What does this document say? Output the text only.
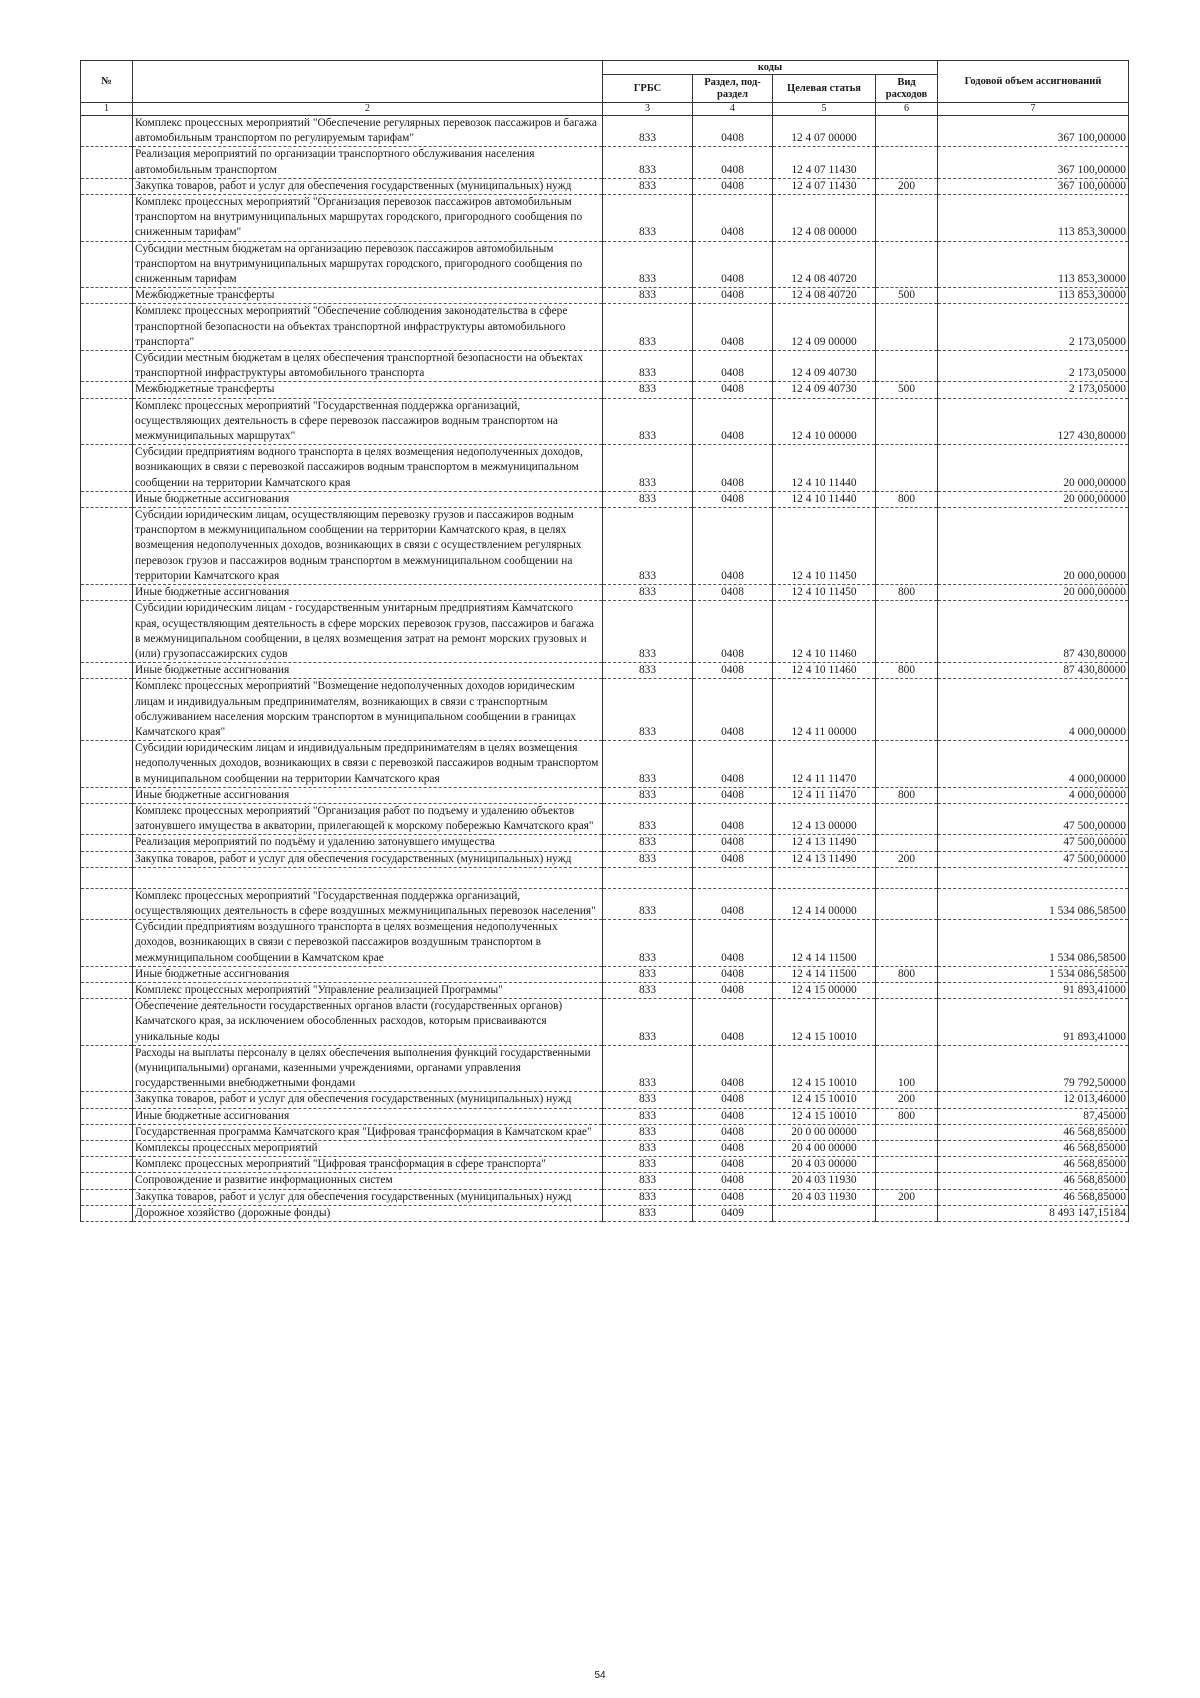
№		коды				Годовой объем ассигнований
		ГРБС	Раздел, под-раздел	Целевая статья	Вид расходов	
1	2	3	4	5	6	7
	Комплекс процессных мероприятий "Обеспечение регулярных перевозок пассажиров и багажа автомобильным транспортом по регулируемым тарифам"	833	0408	12 4 07 00000		367 100,00000
	Реализация мероприятий по организации транспортного обслуживания населения автомобильным транспортом	833	0408	12 4 07 11430		367 100,00000
	Закупка товаров, работ и услуг для обеспечения государственных (муниципальных) нужд	833	0408	12 4 07 11430	200	367 100,00000
	Комплекс процессных мероприятий "Организация перевозок пассажиров автомобильным транспортом на внутримуниципальных маршрутах городского, пригородного сообщения по сниженным тарифам"	833	0408	12 4 08 00000		113 853,30000
	Субсидии местным бюджетам на организацию перевозок пассажиров автомобильным транспортом на внутримуниципальных маршрутах городского, пригородного сообщения по сниженным тарифам	833	0408	12 4 08 40720		113 853,30000
	Межбюджетные трансферты	833	0408	12 4 08 40720	500	113 853,30000
	Комплекс процессных мероприятий "Обеспечение соблюдения законодательства в сфере транспортной безопасности на объектах транспортной инфраструктуры автомобильного транспорта"	833	0408	12 4 09 00000		2 173,05000
	Субсидии местным бюджетам в целях обеспечения транспортной безопасности на объектах транспортной инфраструктуры автомобильного транспорта	833	0408	12 4 09 40730		2 173,05000
	Межбюджетные трансферты	833	0408	12 4 09 40730	500	2 173,05000
	Комплекс процессных мероприятий "Государственная поддержка организаций, осуществляющих деятельность в сфере перевозок пассажиров водным транспортом на межмуниципальных маршрутах"	833	0408	12 4 10 00000		127 430,80000
	Субсидии предприятиям водного транспорта в целях возмещения недополученных доходов, возникающих в связи с перевозкой пассажиров водным транспортом в межмуниципальном сообщении на территории Камчатского края	833	0408	12 4 10 11440		20 000,00000
	Иные бюджетные ассигнования	833	0408	12 4 10 11440	800	20 000,00000
	Субсидии юридическим лицам, осуществляющим перевозку грузов и пассажиров водным транспортом в межмуниципальном сообщении на территории Камчатского края, в целях возмещения недополученных доходов, возникающих в связи с осуществлением регулярных перевозок грузов и пассажиров водным транспортом в межмуниципальном сообщении на территории Камчатского края	833	0408	12 4 10 11450		20 000,00000
	Иные бюджетные ассигнования	833	0408	12 4 10 11450	800	20 000,00000
	Субсидии юридическим лицам - государственным унитарным предприятиям Камчатского края, осуществляющим деятельность в сфере морских перевозок грузов, пассажиров и багажа в межмуниципальном сообщении, в целях возмещения затрат на ремонт морских грузовых и (или) грузопассажирских судов	833	0408	12 4 10 11460		87 430,80000
	Иные бюджетные ассигнования	833	0408	12 4 10 11460	800	87 430,80000
	Комплекс процессных мероприятий "Возмещение недополученных доходов юридическим лицам и индивидуальным предпринимателям, возникающих в связи с транспортным обслуживанием населения морским транспортом в муниципальном сообщении в границах Камчатского края"	833	0408	12 4 11 00000		4 000,00000
	Субсидии юридическим лицам и индивидуальным предпринимателям в целях возмещения недополученных доходов, возникающих в связи с перевозкой пассажиров водным транспортом в муниципальном сообщении на территории Камчатского края	833	0408	12 4 11 11470		4 000,00000
	Иные бюджетные ассигнования	833	0408	12 4 11 11470	800	4 000,00000
	Комплекс процессных мероприятий "Организация работ по подъему и удалению объектов затонувшего имущества в акватории, прилегающей к морскому побережью Камчатского края"	833	0408	12 4 13 00000		47 500,00000
	Реализация мероприятий по подъёму и удалению затонувшего имущества	833	0408	12 4 13 11490		47 500,00000
	Закупка товаров, работ и услуг для обеспечения государственных (муниципальных) нужд	833	0408	12 4 13 11490	200	47 500,00000

	Комплекс процессных мероприятий "Государственная поддержка организаций, осуществляющих деятельность в сфере воздушных межмуниципальных перевозок населения"	833	0408	12 4 14 00000		1 534 086,58500
	Субсидии предприятиям воздушного транспорта в целях возмещения недополученных доходов, возникающих в связи с перевозкой пассажиров воздушным транспортом в межмуниципальном сообщении в Камчатском крае	833	0408	12 4 14 11500		1 534 086,58500
	Иные бюджетные ассигнования	833	0408	12 4 14 11500	800	1 534 086,58500
	Комплекс процессных мероприятий "Управление реализацией Программы"	833	0408	12 4 15 00000		91 893,41000
	Обеспечение деятельности государственных органов власти (государственных органов) Камчатского края, за исключением обособленных расходов, которым присваиваются уникальные коды	833	0408	12 4 15 10010		91 893,41000
	Расходы на выплаты персоналу в целях обеспечения выполнения функций государственными (муниципальными) органами, казенными учреждениями, органами управления государственными внебюджетными фондами	833	0408	12 4 15 10010	100	79 792,50000
	Закупка товаров, работ и услуг для обеспечения государственных (муниципальных) нужд	833	0408	12 4 15 10010	200	12 013,46000
	Иные бюджетные ассигнования	833	0408	12 4 15 10010	800	87,45000
	Государственная программа Камчатского края "Цифровая трансформация в Камчатском крае"	833	0408	20 0 00 00000		46 568,85000
	Комплексы процессных мероприятий	833	0408	20 4 00 00000		46 568,85000
	Комплекс процессных мероприятий "Цифровая трансформация в сфере транспорта"	833	0408	20 4 03 00000		46 568,85000
	Сопровождение и развитие информационных систем	833	0408	20 4 03 11930		46 568,85000
	Закупка товаров, работ и услуг для обеспечения государственных (муниципальных) нужд	833	0408	20 4 03 11930	200	46 568,85000
	Дорожное хозяйство (дорожные фонды)	833	0409			8 493 147,15184
54
